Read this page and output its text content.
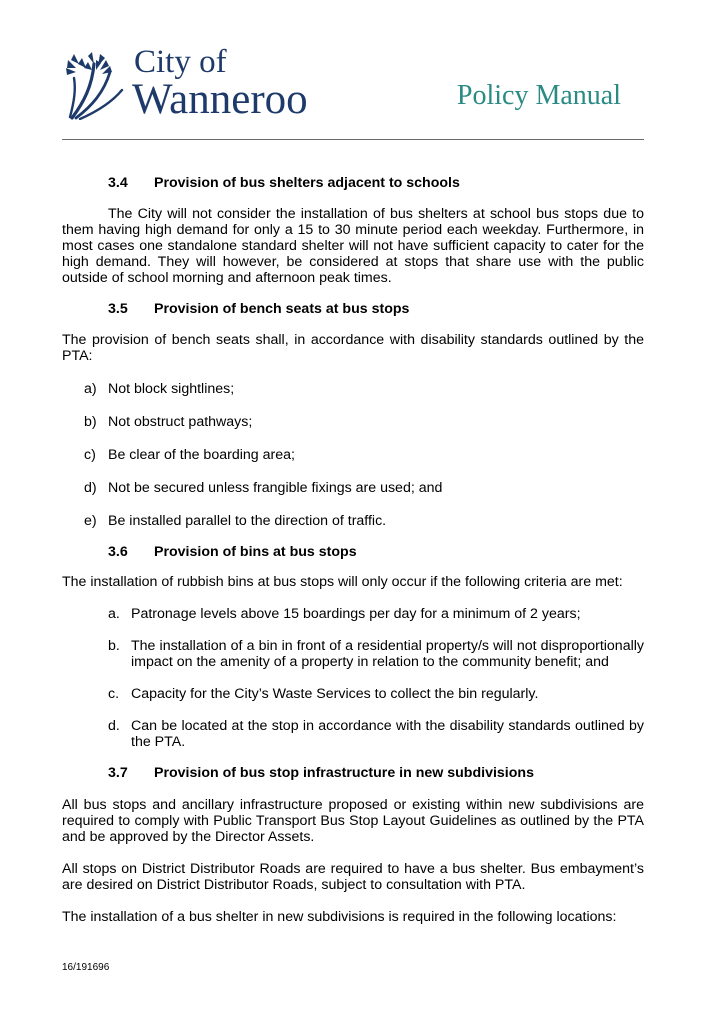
City of
Wanneroo	Policy Manual
3.4	Provision of bus shelters adjacent to schools

The City will not consider the installation of bus shelters at school bus stops due to them having high demand for only a 15 to 30 minute period each weekday. Furthermore, in most cases one standalone standard shelter will not have sufficient capacity to cater for the high demand. They will however, be considered at stops that share use with the public outside of school morning and afternoon peak times.

3.5	Provision of bench seats at bus stops

The provision of bench seats shall, in accordance with disability standards outlined by the PTA:

a) Not block sightlines;
b) Not obstruct pathways;
c) Be clear of the boarding area;
d) Not be secured unless frangible fixings are used; and
e) Be installed parallel to the direction of traffic.
3.6	Provision of bins at bus stops

The installation of rubbish bins at bus stops will only occur if the following criteria are met:

a. Patronage levels above 15 boardings per day for a minimum of 2 years;
b. The installation of a bin in front of a residential property/s will not disproportionally impact on the amenity of a property in relation to the community benefit; and
c. Capacity for the City’s Waste Services to collect the bin regularly.
d. Can be located at the stop in accordance with the disability standards outlined by the PTA.
3.7	Provision of bus stop infrastructure in new subdivisions

All bus stops and ancillary infrastructure proposed or existing within new subdivisions are required to comply with Public Transport Bus Stop Layout Guidelines as outlined by the PTA and be approved by the Director Assets.

All stops on District Distributor Roads are required to have a bus shelter. Bus embayment’s are desired on District Distributor Roads, subject to consultation with PTA.

The installation of a bus shelter in new subdivisions is required in the following locations:

16/191696
